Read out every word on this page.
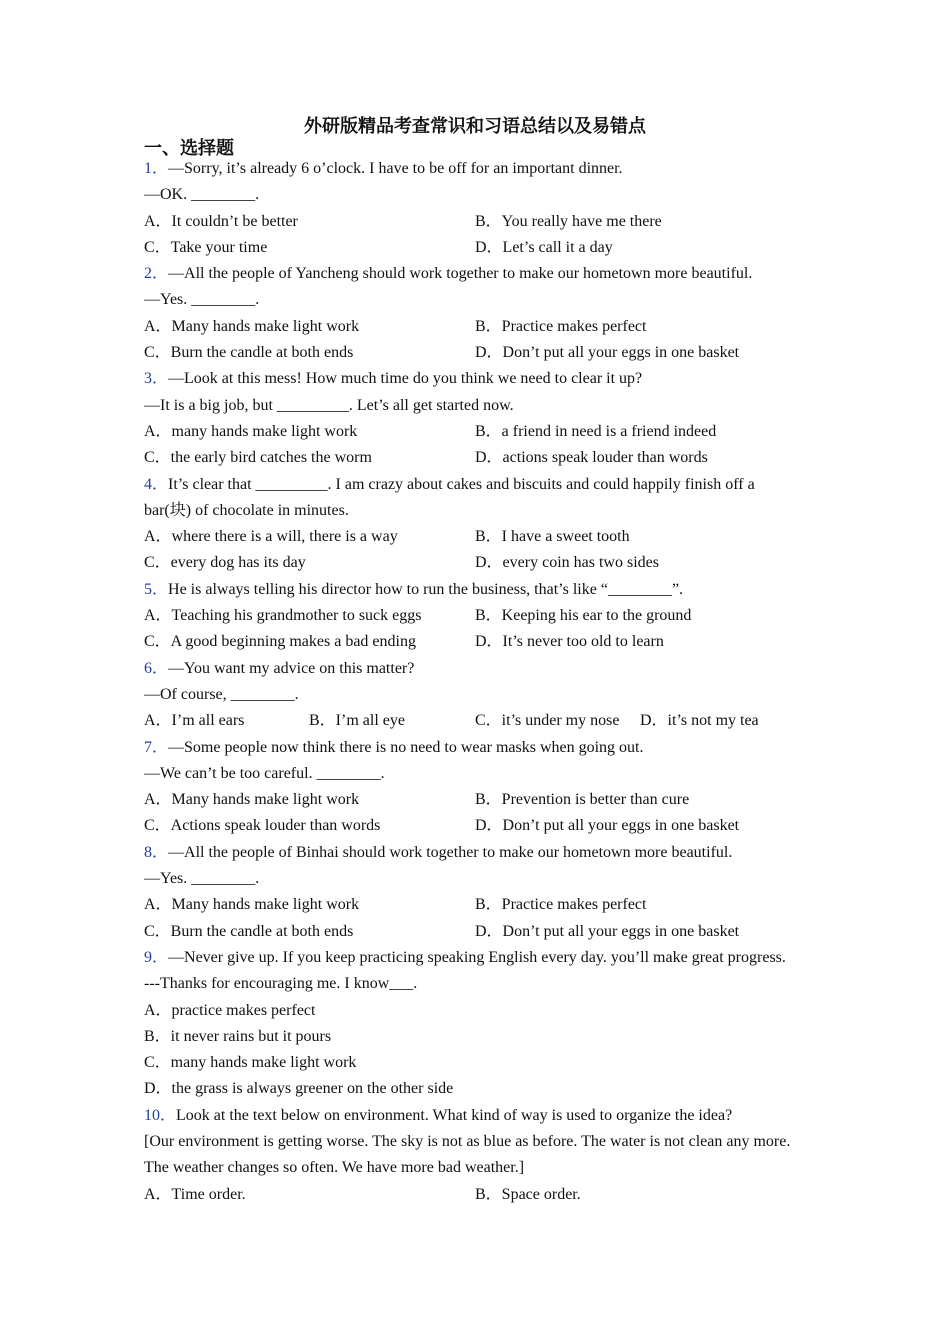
外研版精品考查常识和习语总结以及易错点
一、选择题
1．—Sorry, it’s already 6 o’clock. I have to be off for an important dinner.
—OK. ________.
A．It couldn’t be better	B．You really have me there
C．Take your time	D．Let’s call it a day
2．—All the people of Yancheng should work together to make our hometown more beautiful.
—Yes. ________.
A．Many hands make light work	B．Practice makes perfect
C．Burn the candle at both ends	D．Don’t put all your eggs in one basket
3．—Look at this mess! How much time do you think we need to clear it up?
—It is a big job, but _________. Let’s all get started now.
A．many hands make light work	B．a friend in need is a friend indeed
C．the early bird catches the worm	D．actions speak louder than words
4．It’s clear that _________. I am crazy about cakes and biscuits and could happily finish off a bar(块) of chocolate in minutes.
A．where there is a will, there is a way	B．I have a sweet tooth
C．every dog has its day	D．every coin has two sides
5．He is always telling his director how to run the business, that’s like “________”.
A．Teaching his grandmother to suck eggs	B．Keeping his ear to the ground
C．A good beginning makes a bad ending	D．It’s never too old to learn
6．—You want my advice on this matter?
—Of course, ________.
A．I’m all ears	B．I’m all eye	C．it’s under my nose	D．it’s not my tea
7．—Some people now think there is no need to wear masks when going out.
—We can’t be too careful. ________.
A．Many hands make light work	B．Prevention is better than cure
C．Actions speak louder than words	D．Don’t put all your eggs in one basket
8．—All the people of Binhai should work together to make our hometown more beautiful.
—Yes. ________.
A．Many hands make light work	B．Practice makes perfect
C．Burn the candle at both ends	D．Don’t put all your eggs in one basket
9．—Never give up. If you keep practicing speaking English every day. you’ll make great progress.
---Thanks for encouraging me. I know___.
A．practice makes perfect
B．it never rains but it pours
C．many hands make light work
D．the grass is always greener on the other side
10．Look at the text below on environment. What kind of way is used to organize the idea?
[Our environment is getting worse. The sky is not as blue as before. The water is not clean any more. The weather changes so often. We have more bad weather.]
A．Time order.	B．Space order.
